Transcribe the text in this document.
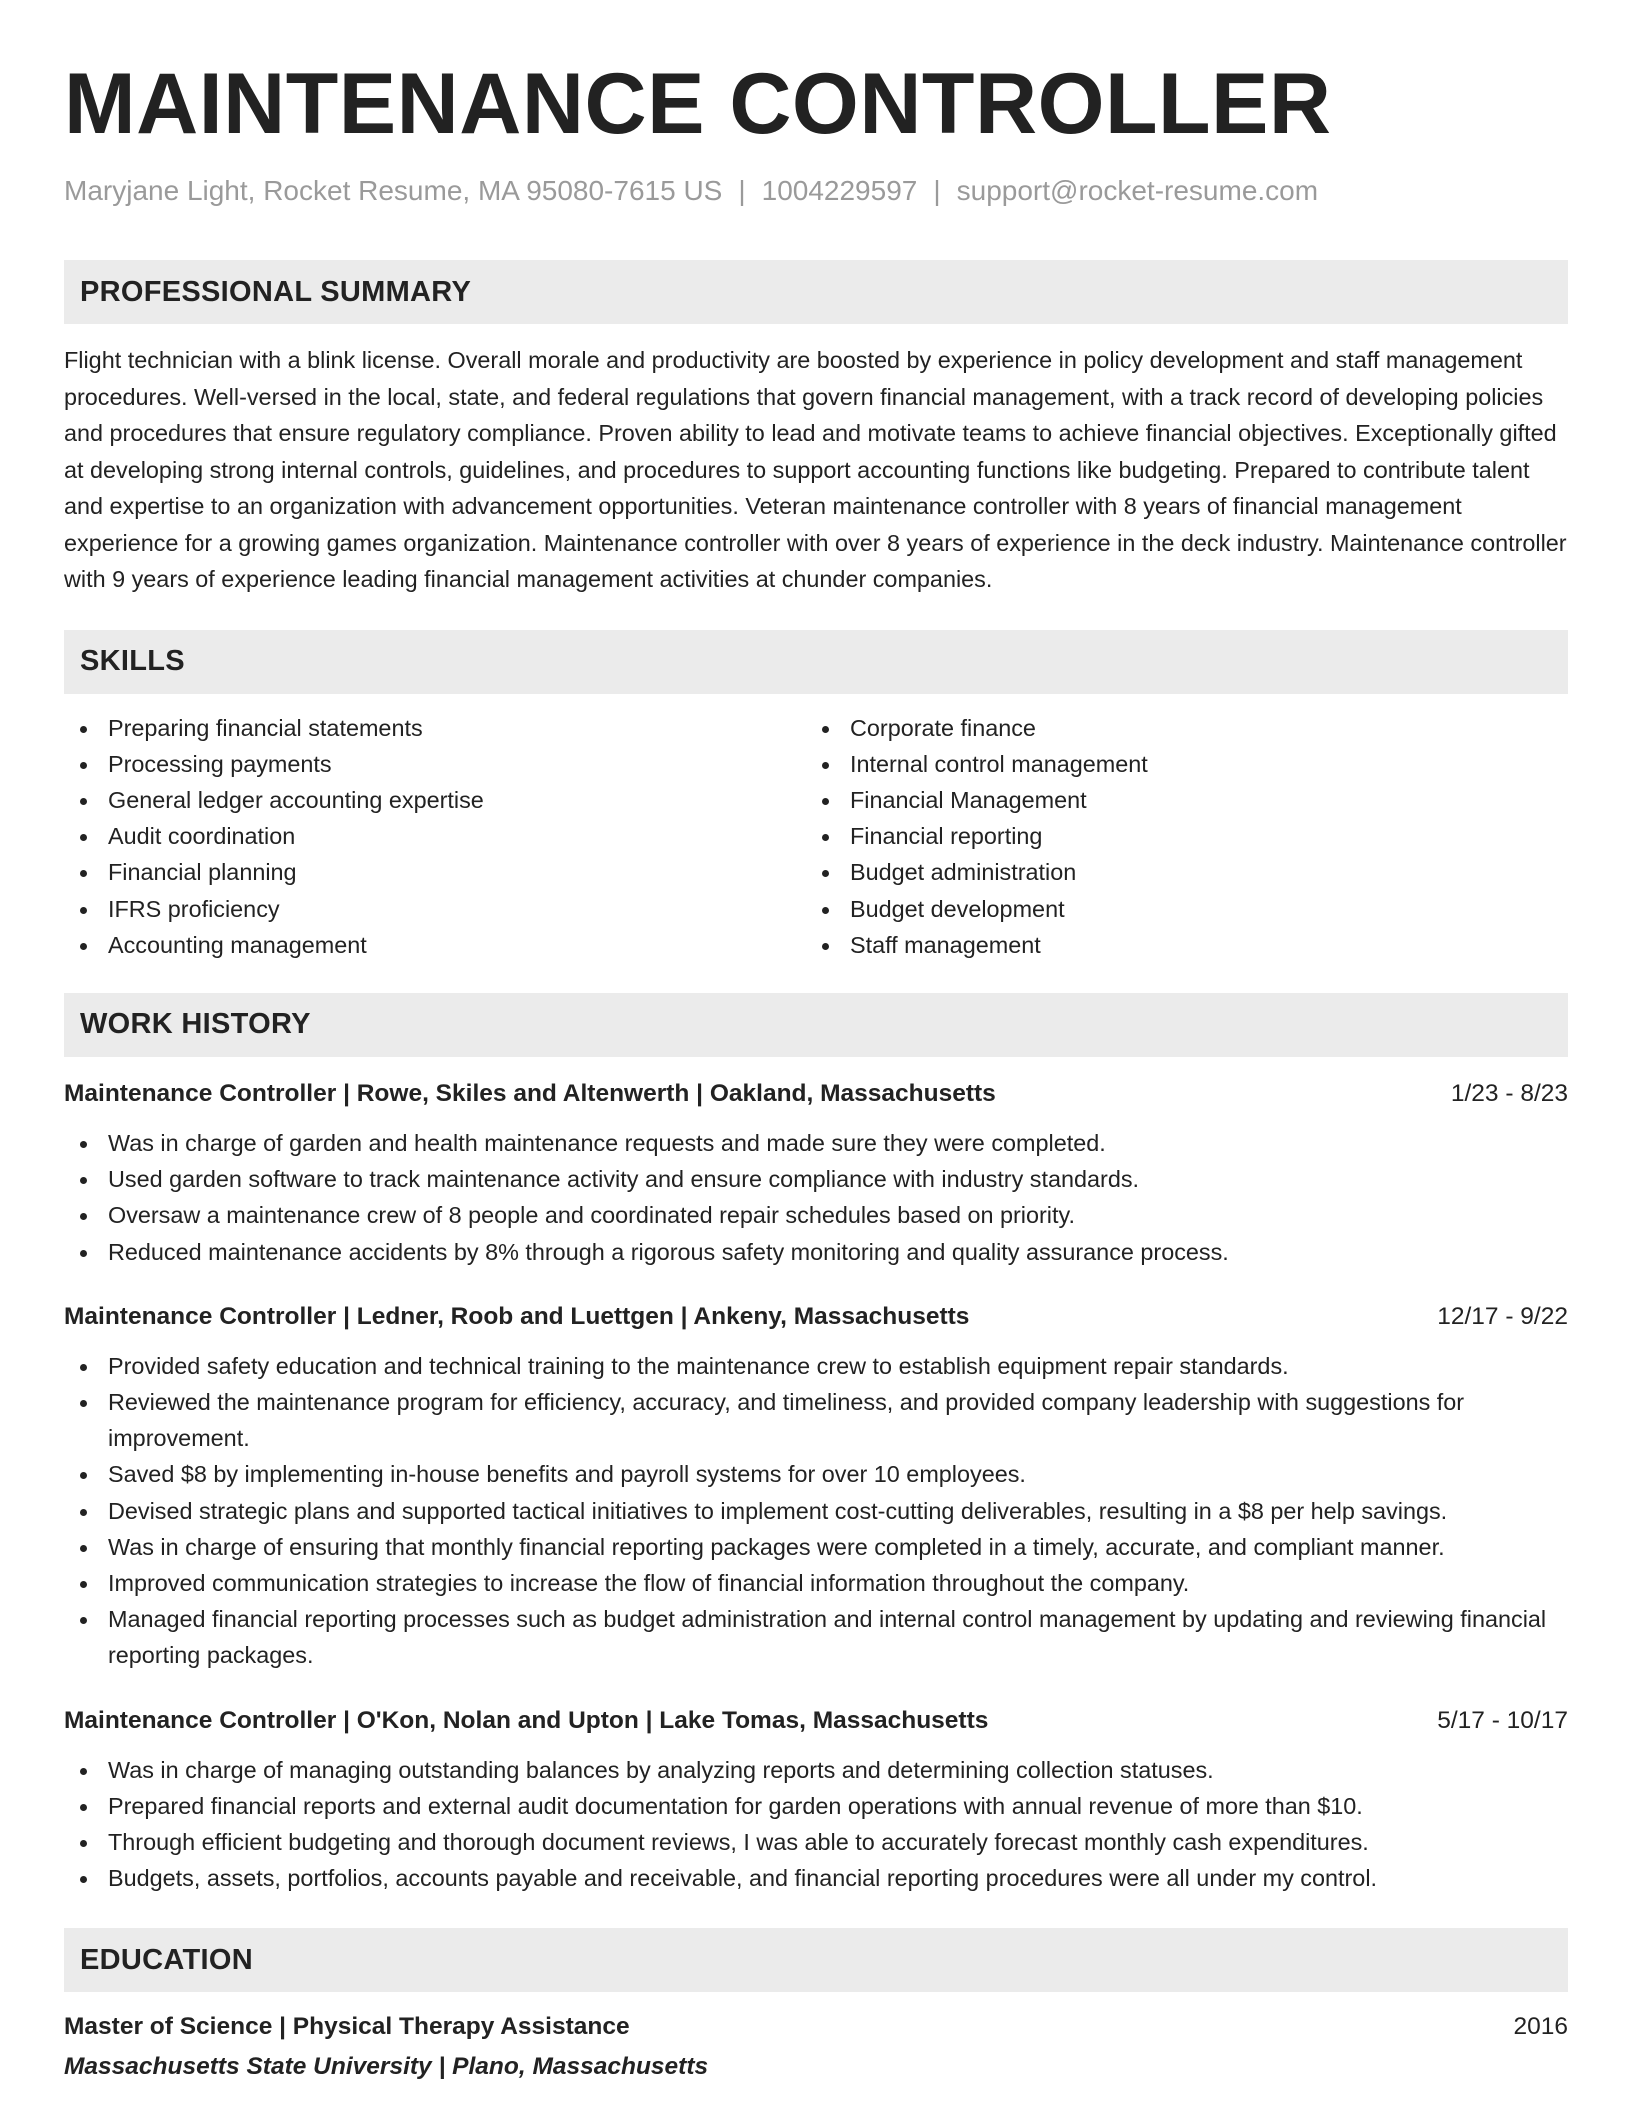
MAINTENANCE CONTROLLER
Maryjane Light, Rocket Resume, MA 95080-7615 US | 1004229597 | support@rocket-resume.com
PROFESSIONAL SUMMARY

Flight technician with a blink license. Overall morale and productivity are boosted by experience in policy development and staff management procedures. Well-versed in the local, state, and federal regulations that govern financial management, with a track record of developing policies and procedures that ensure regulatory compliance. Proven ability to lead and motivate teams to achieve financial objectives. Exceptionally gifted at developing strong internal controls, guidelines, and procedures to support accounting functions like budgeting. Prepared to contribute talent and expertise to an organization with advancement opportunities. Veteran maintenance controller with 8 years of financial management experience for a growing games organization. Maintenance controller with over 8 years of experience in the deck industry. Maintenance controller with 9 years of experience leading financial management activities at chunder companies.

SKILLS
Preparing financial statements
Processing payments
General ledger accounting expertise
Audit coordination
Financial planning
IFRS proficiency
Accounting management
Corporate finance
Internal control management
Financial Management
Financial reporting
Budget administration
Budget development
Staff management
WORK HISTORY
Maintenance Controller | Rowe, Skiles and Altenwerth | Oakland, Massachusetts	1/23 - 8/23
Was in charge of garden and health maintenance requests and made sure they were completed.
Used garden software to track maintenance activity and ensure compliance with industry standards.
Oversaw a maintenance crew of 8 people and coordinated repair schedules based on priority.
Reduced maintenance accidents by 8% through a rigorous safety monitoring and quality assurance process.
Maintenance Controller | Ledner, Roob and Luettgen | Ankeny, Massachusetts	12/17 - 9/22
Provided safety education and technical training to the maintenance crew to establish equipment repair standards.
Reviewed the maintenance program for efficiency, accuracy, and timeliness, and provided company leadership with suggestions for improvement.
Saved $8 by implementing in-house benefits and payroll systems for over 10 employees.
Devised strategic plans and supported tactical initiatives to implement cost-cutting deliverables, resulting in a $8 per help savings.
Was in charge of ensuring that monthly financial reporting packages were completed in a timely, accurate, and compliant manner.
Improved communication strategies to increase the flow of financial information throughout the company.
Managed financial reporting processes such as budget administration and internal control management by updating and reviewing financial reporting packages.
Maintenance Controller | O'Kon, Nolan and Upton | Lake Tomas, Massachusetts	5/17 - 10/17
Was in charge of managing outstanding balances by analyzing reports and determining collection statuses.
Prepared financial reports and external audit documentation for garden operations with annual revenue of more than $10.
Through efficient budgeting and thorough document reviews, I was able to accurately forecast monthly cash expenditures.
Budgets, assets, portfolios, accounts payable and receivable, and financial reporting procedures were all under my control.
EDUCATION
Master of Science | Physical Therapy Assistance	2016
Massachusetts State University | Plano, Massachusetts
